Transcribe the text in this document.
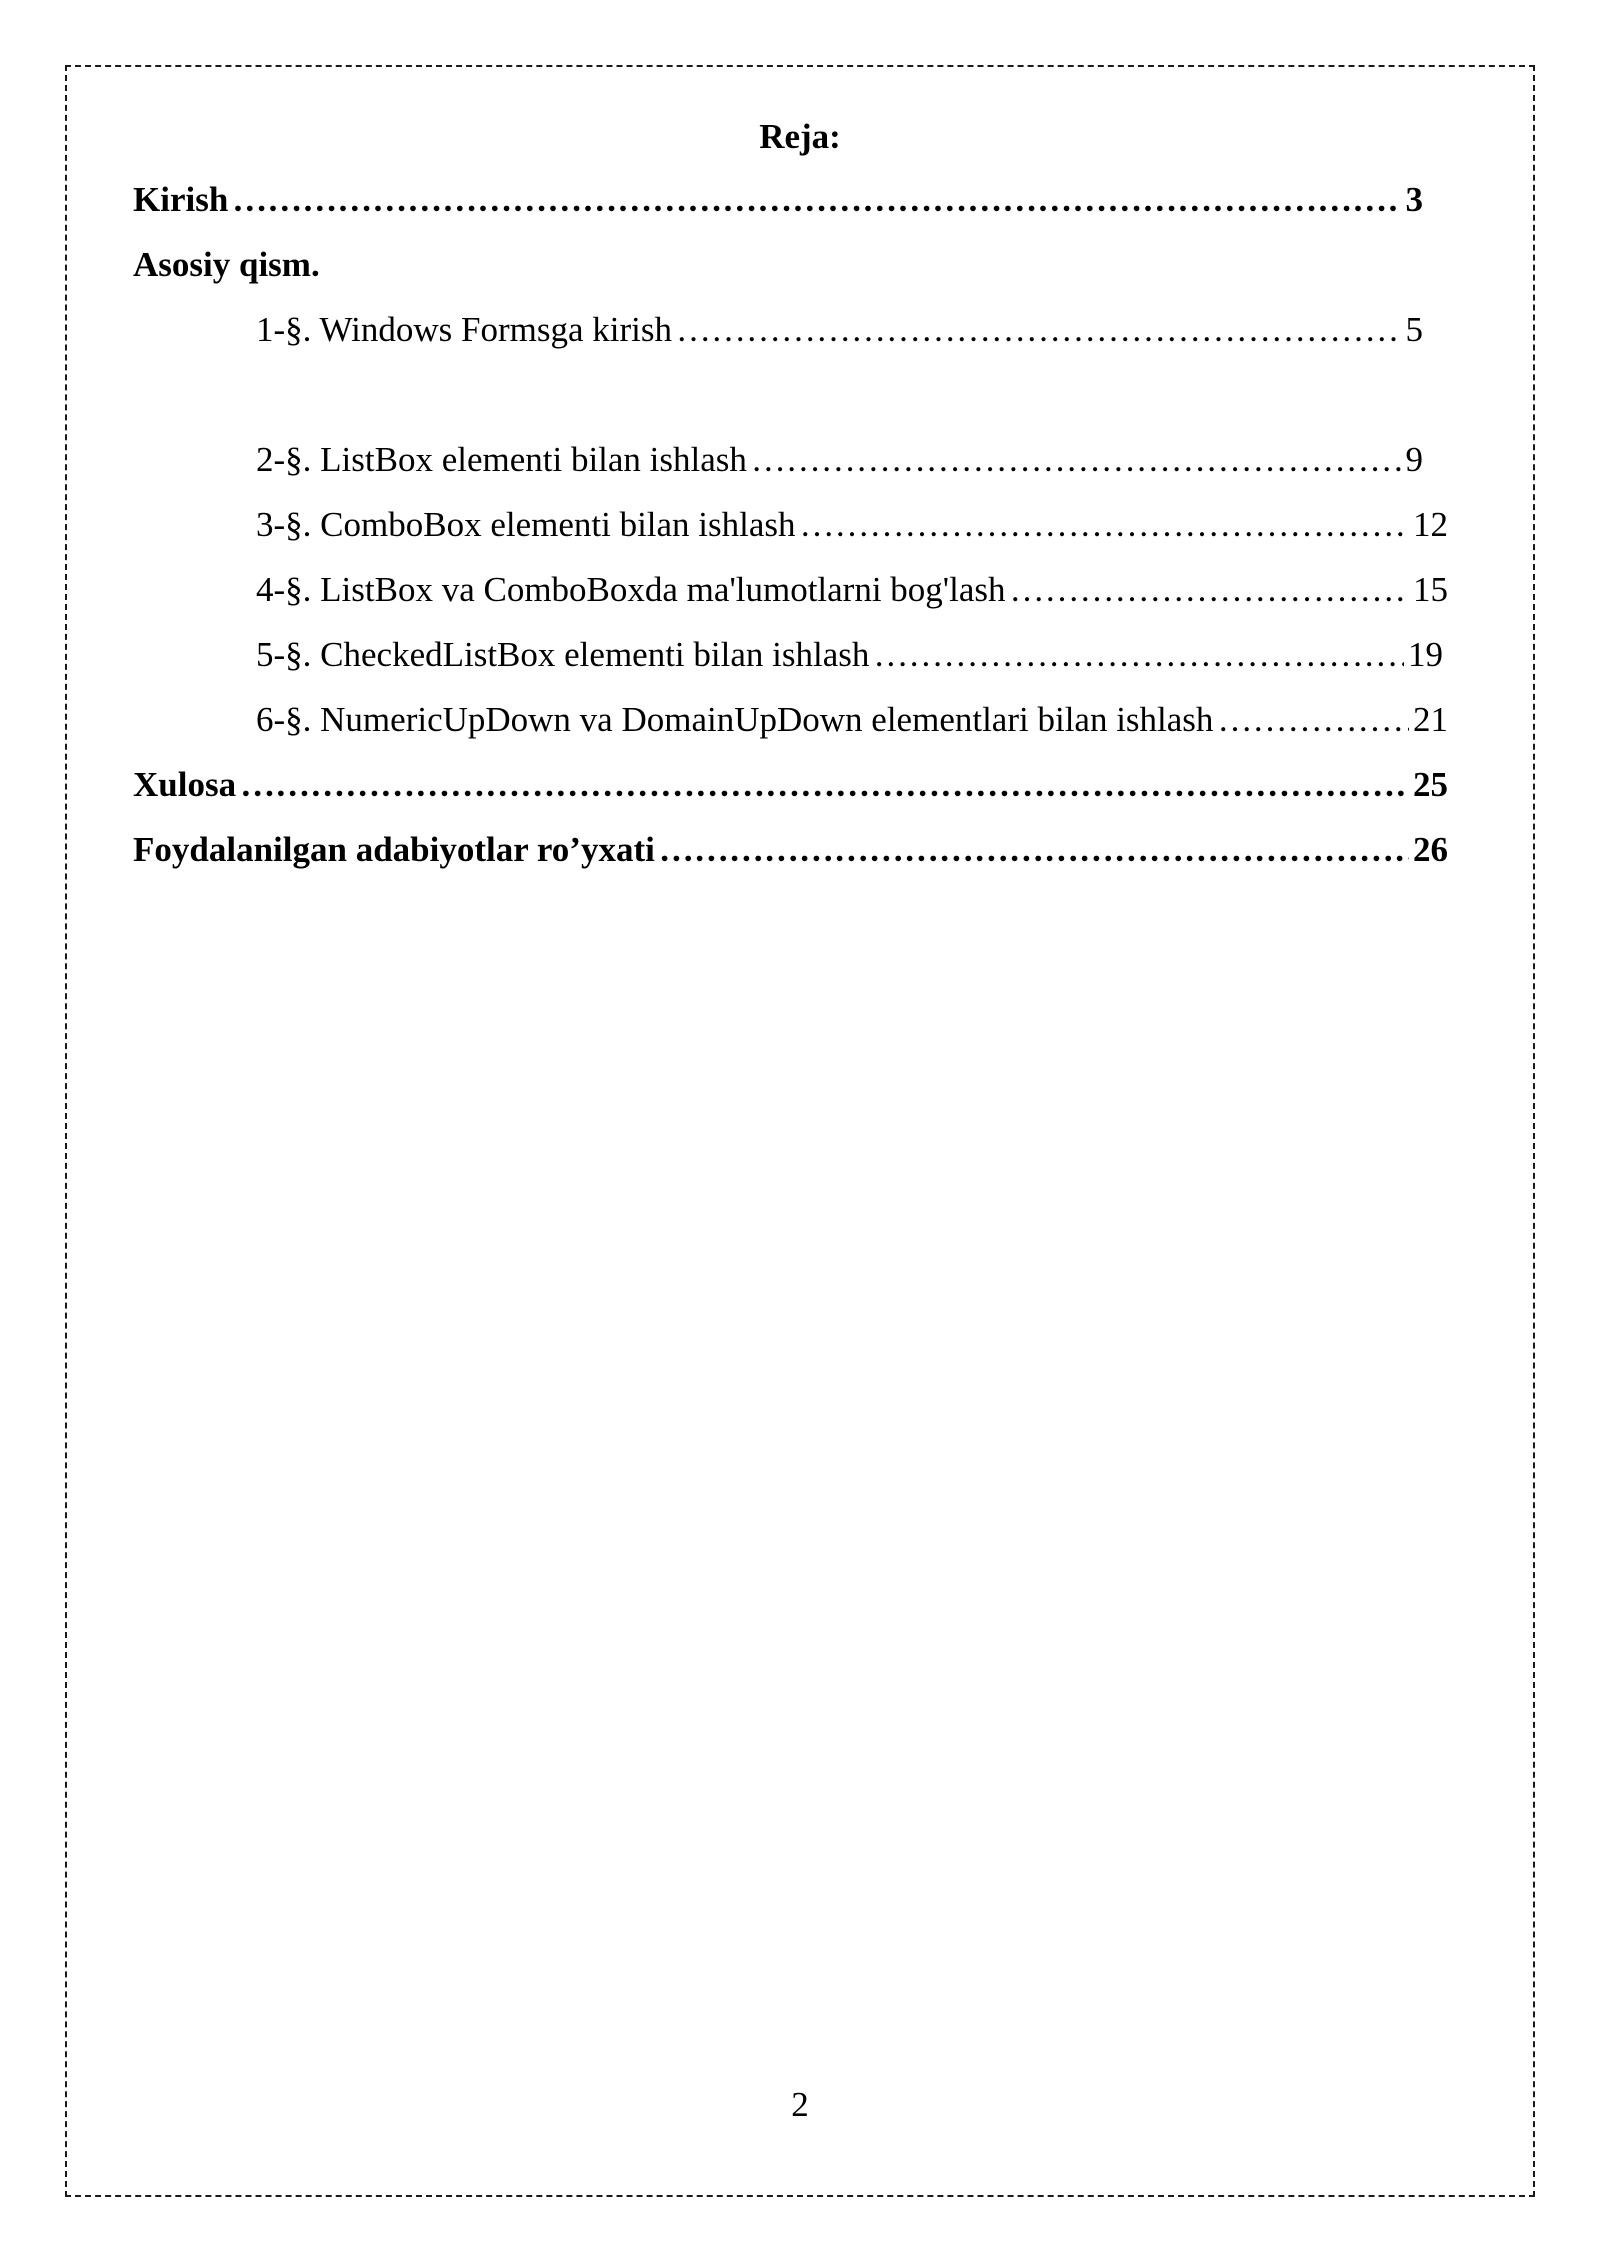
Reja:
Kirish ……………………………………………………………………………………………………………………………………………………………………………………………	3
Asosiy qism.
1-§. Windows Formsga kirish ……………………………………………………………………………………………………………………………………………………………………………………………	5
2-§. ListBox elementi bilan ishlash ……………………………………………………………………………………………………………………………………………………………………………………………	9
3-§. ComboBox elementi bilan ishlash ……………………………………………………………………………………………………………………………………………………………………………………………	12
4-§. ListBox va ComboBoxda ma'lumotlarni bog'lash ……………………………………………………………………………………………………………………………………………………………………………………………	15
5-§. CheckedListBox elementi bilan ishlash ……………………………………………………………………………………………………………………………………………………………………………………………	19
6-§. NumericUpDown va DomainUpDown elementlari bilan ishlash ……………………………………………………………………………………………………………………………………………………………………………………………	21
Xulosa ……………………………………………………………………………………………………………………………………………………………………………………………	25
Foydalanilgan adabiyotlar ro’yxati ……………………………………………………………………………………………………………………………………………………………………………………………	26
2
